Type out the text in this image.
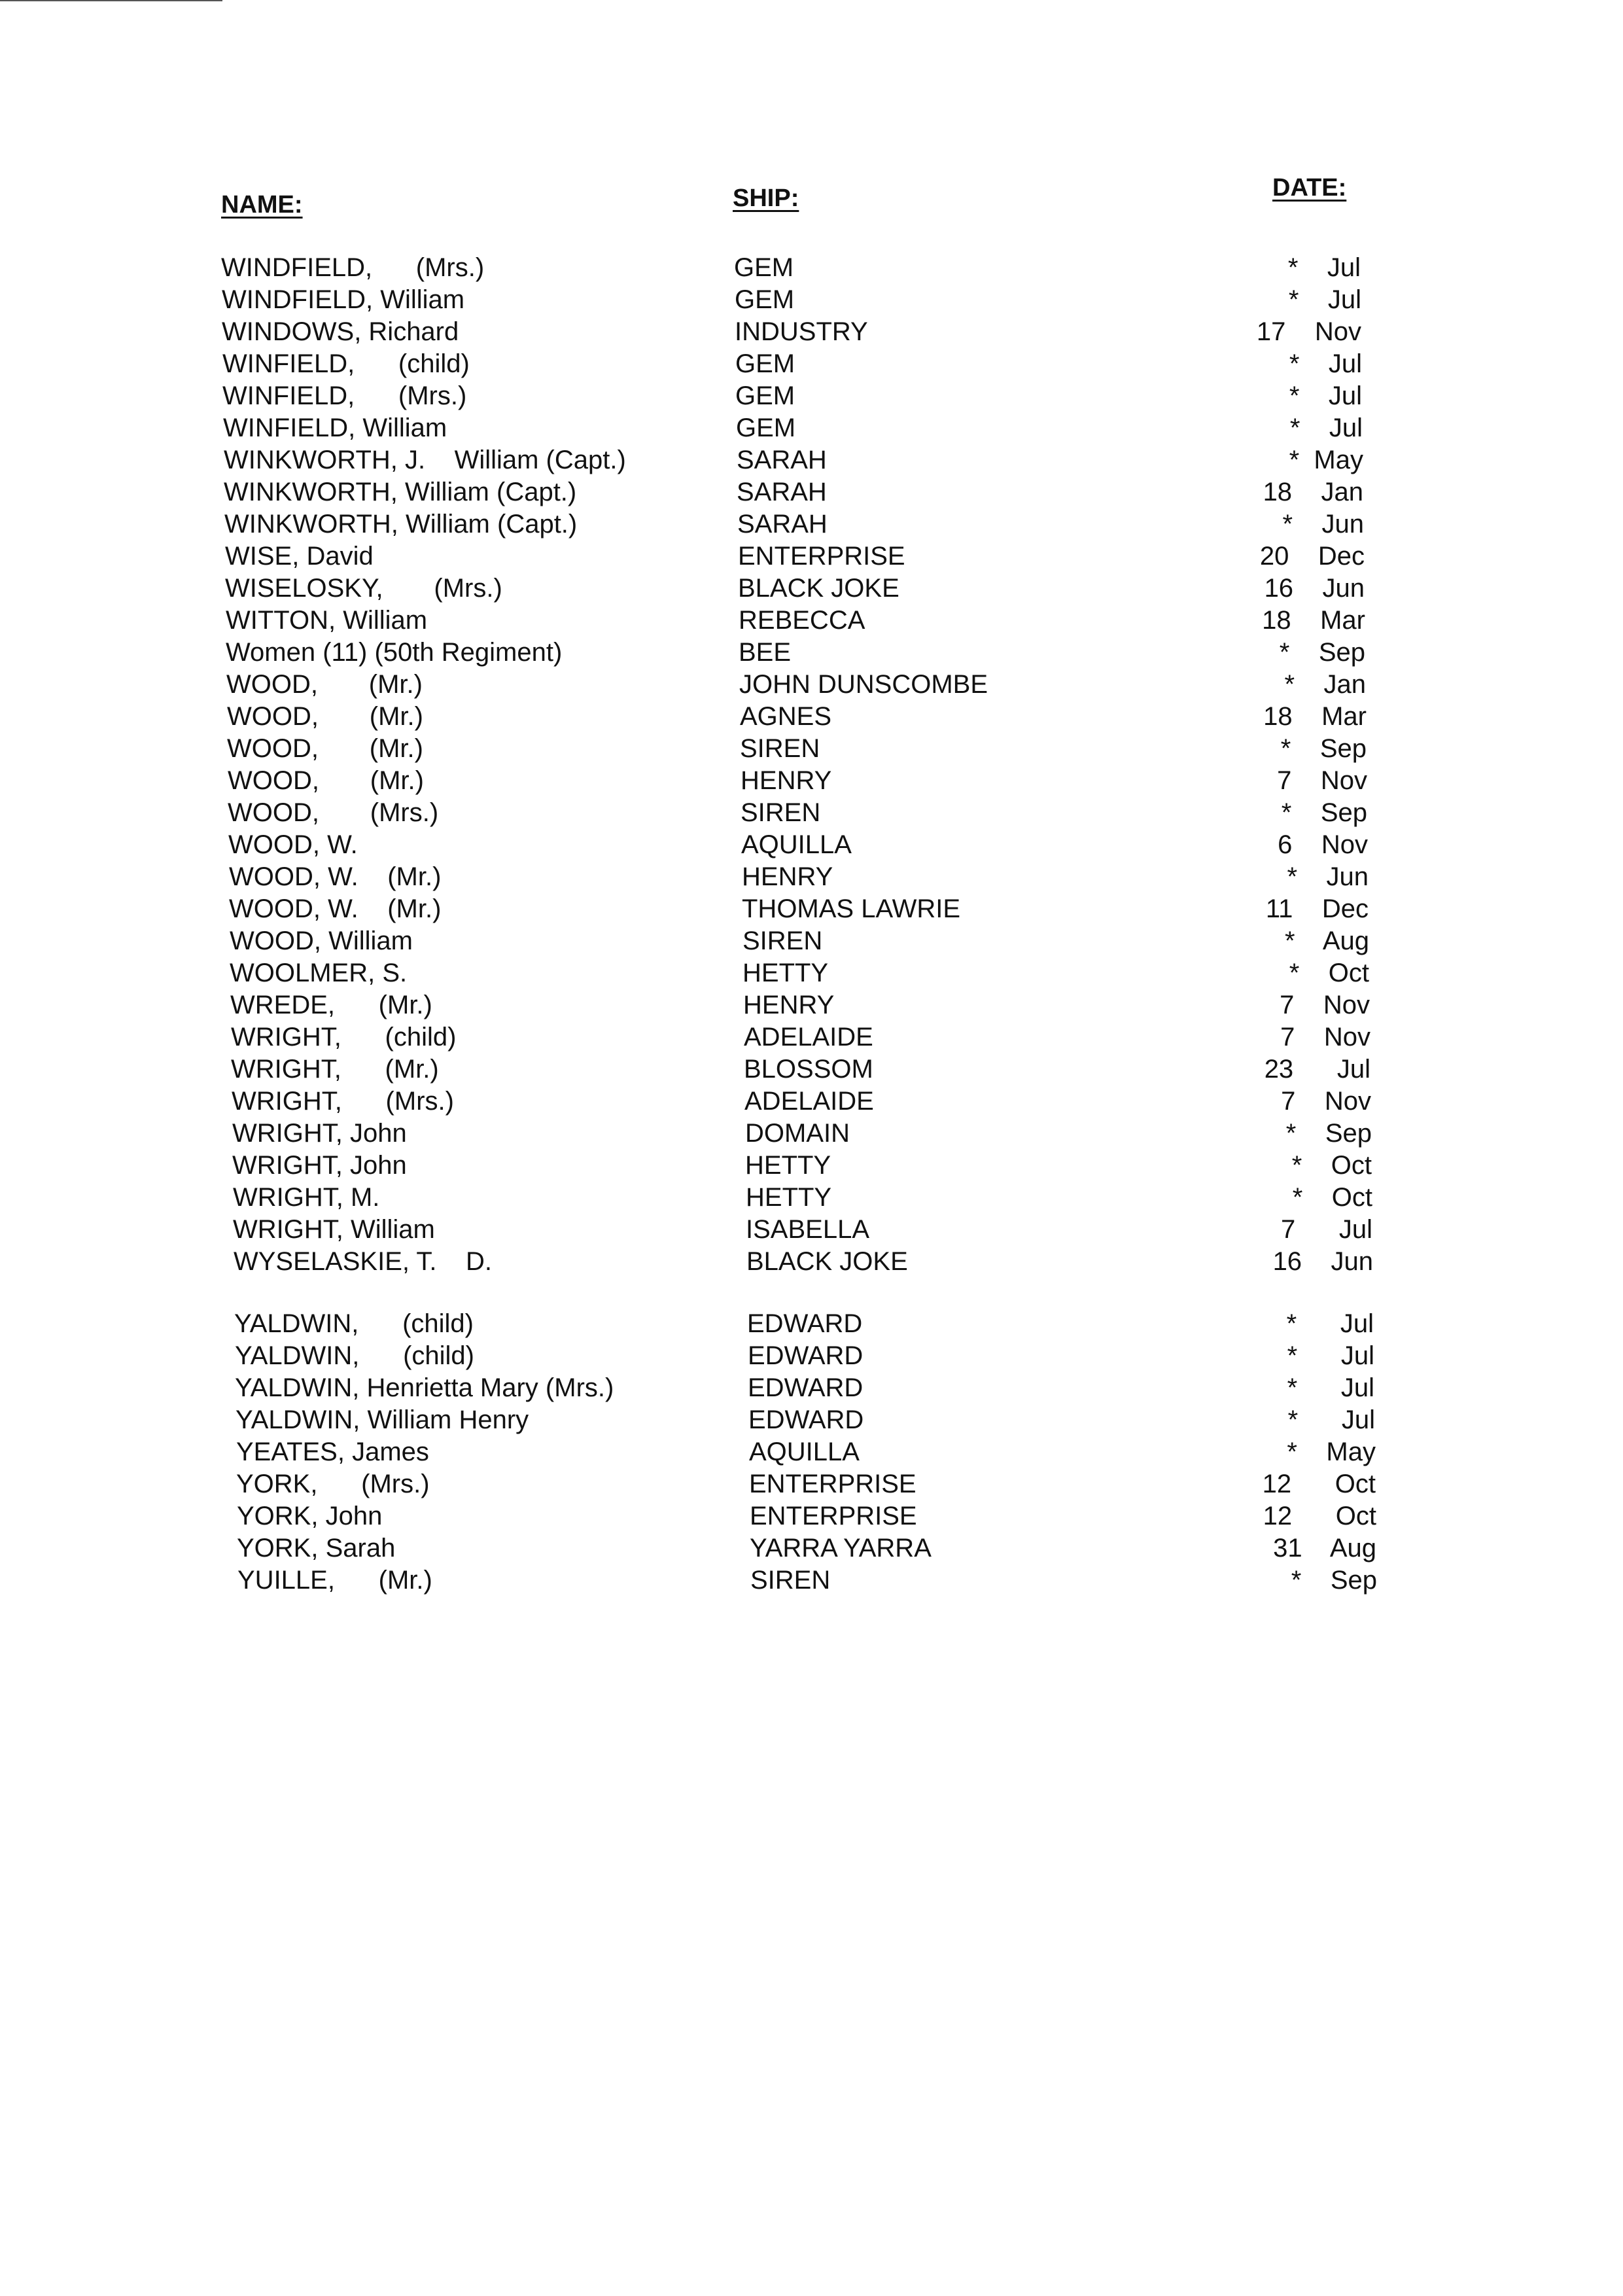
NAME:	SHIP:	DATE:
WINDFIELD,      (Mrs.)	GEM	*    Jul
WINDFIELD, William	GEM	*    Jul
WINDOWS, Richard	INDUSTRY	17    Nov
WINFIELD,      (child)	GEM	*    Jul
WINFIELD,      (Mrs.)	GEM	*    Jul
WINFIELD, William	GEM	*    Jul
WINKWORTH, J.    William (Capt.)	SARAH	*  May
WINKWORTH, William (Capt.)	SARAH	18    Jan
WINKWORTH, William (Capt.)	SARAH	*    Jun
WISE, David	ENTERPRISE	20    Dec
WISELOSKY,       (Mrs.)	BLACK JOKE	16    Jun
WITTON, William	REBECCA	18    Mar
Women (11) (50th Regiment)	BEE	*    Sep
WOOD,       (Mr.)	JOHN DUNSCOMBE	*    Jan
WOOD,       (Mr.)	AGNES	18    Mar
WOOD,       (Mr.)	SIREN	*    Sep
WOOD,       (Mr.)	HENRY	7    Nov
WOOD,       (Mrs.)	SIREN	*    Sep
WOOD, W.	AQUILLA	6    Nov
WOOD, W.    (Mr.)	HENRY	*    Jun
WOOD, W.    (Mr.)	THOMAS LAWRIE	11    Dec
WOOD, William	SIREN	*    Aug
WOOLMER, S.	HETTY	*    Oct
WREDE,      (Mr.)	HENRY	7    Nov
WRIGHT,      (child)	ADELAIDE	7    Nov
WRIGHT,      (Mr.)	BLOSSOM	23      Jul
WRIGHT,      (Mrs.)	ADELAIDE	7    Nov
WRIGHT, John	DOMAIN	*    Sep
WRIGHT, John	HETTY	*    Oct
WRIGHT, M.	HETTY	*    Oct
WRIGHT, William	ISABELLA	7      Jul
WYSELASKIE, T.    D.	BLACK JOKE	16    Jun
YALDWIN,      (child)	EDWARD	*      Jul
YALDWIN,      (child)	EDWARD	*      Jul
YALDWIN, Henrietta Mary (Mrs.)	EDWARD	*      Jul
YALDWIN, William Henry	EDWARD	*      Jul
YEATES, James	AQUILLA	*    May
YORK,      (Mrs.)	ENTERPRISE	12      Oct
YORK, John	ENTERPRISE	12      Oct
YORK, Sarah	YARRA YARRA	31    Aug
YUILLE,      (Mr.)	SIREN	*    Sep
